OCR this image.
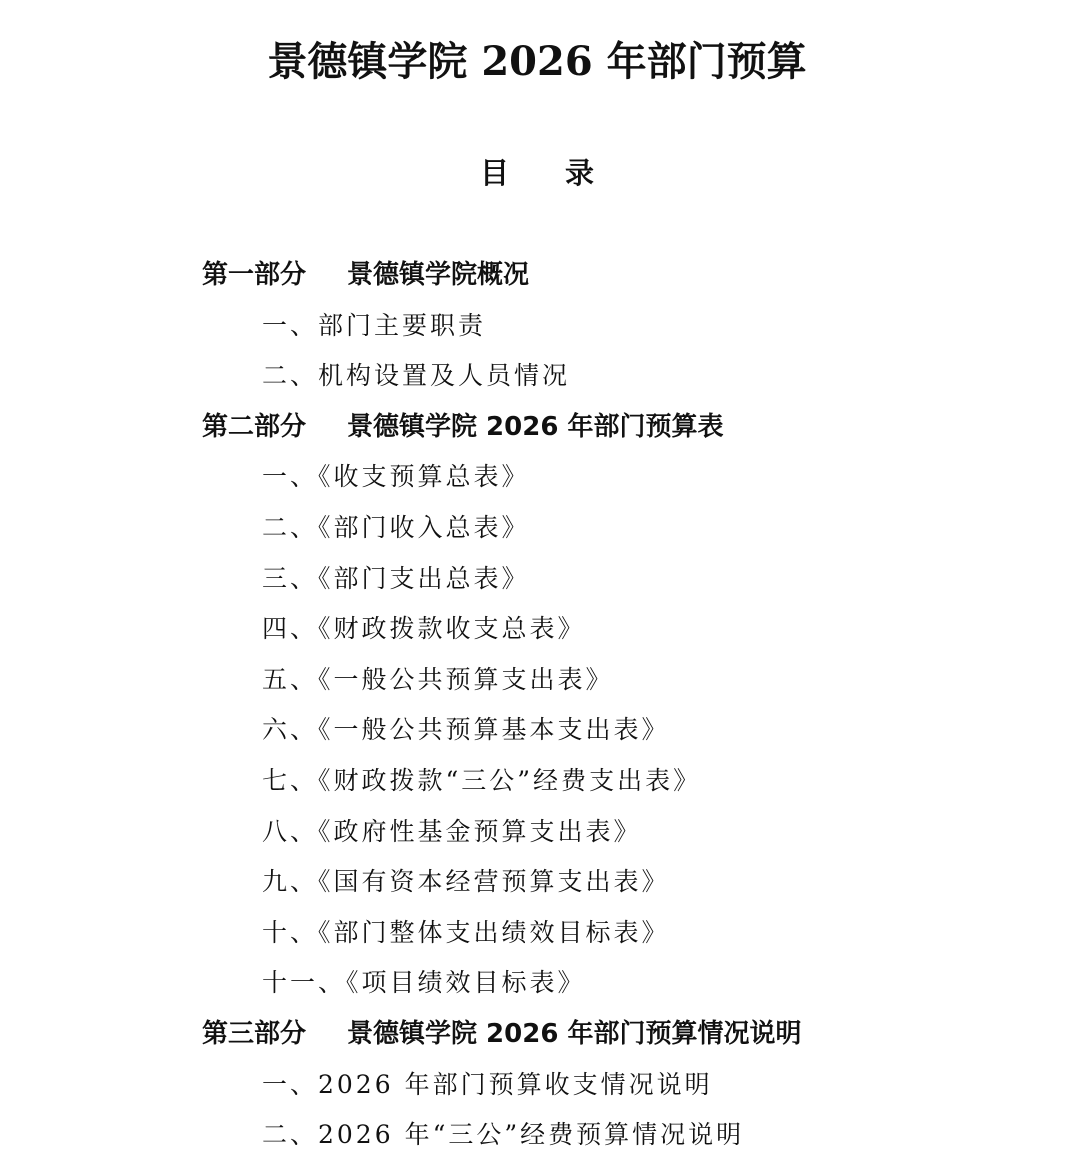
景德镇学院 2026 年部门预算
目录
第一部分 景德镇学院概况
一、部门主要职责
二、机构设置及人员情况
第二部分 景德镇学院 2026 年部门预算表
一、《收支预算总表》
二、《部门收入总表》
三、《部门支出总表》
四、《财政拨款收支总表》
五、《一般公共预算支出表》
六、《一般公共预算基本支出表》
七、《财政拨款“三公”经费支出表》
八、《政府性基金预算支出表》
九、《国有资本经营预算支出表》
十、《部门整体支出绩效目标表》
十一、《项目绩效目标表》
第三部分 景德镇学院 2026 年部门预算情况说明
一、2026 年部门预算收支情况说明
二、2026 年“三公”经费预算情况说明
